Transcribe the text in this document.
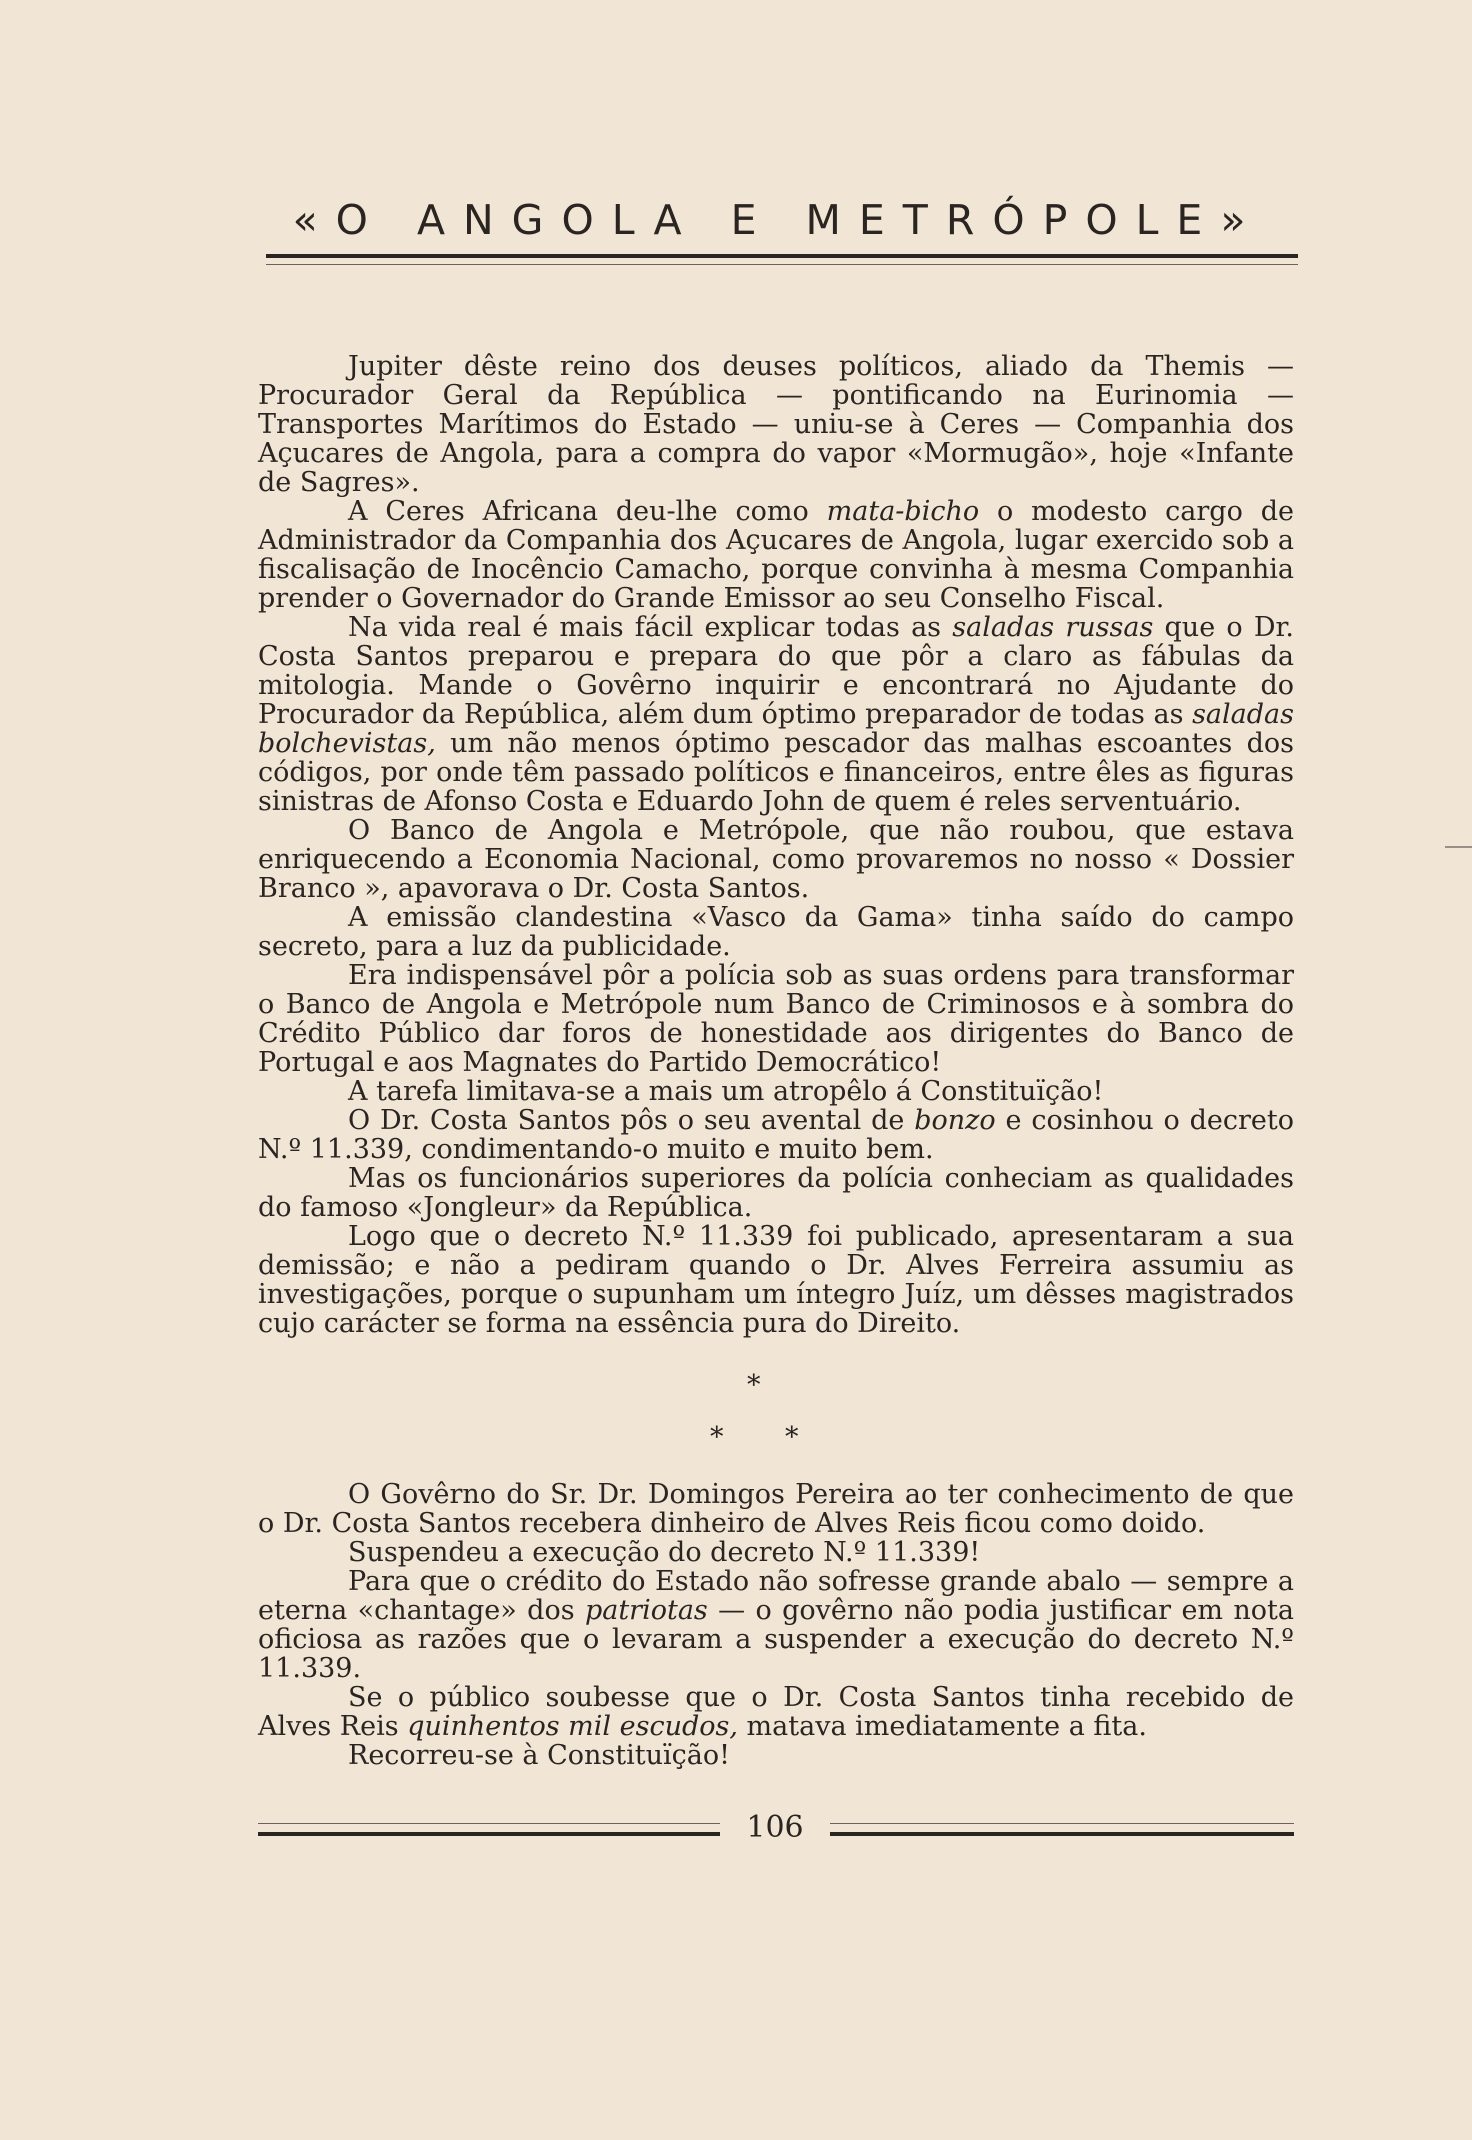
«O ANGOLA E METRÓPOLE»

Jupiter dêste reino dos deuses políticos, aliado da Themis — Procurador Geral da República — pontificando na Eurinomia — Transportes Marítimos do Estado — uniu-se à Ceres — Companhia dos Açucares de Angola, para a compra do vapor «Mormugão», hoje «Infante de Sagres».

A Ceres Africana deu-lhe como mata-bicho o modesto cargo de Administrador da Companhia dos Açucares de Angola, lugar exercido sob a fiscalisação de Inocêncio Camacho, porque convinha à mesma Companhia prender o Governador do Grande Emissor ao seu Conselho Fiscal.

Na vida real é mais fácil explicar todas as saladas russas que o Dr. Costa Santos preparou e prepara do que pôr a claro as fábulas da mitologia. Mande o Govêrno inquirir e encontrará no Ajudante do Procurador da República, além dum óptimo preparador de todas as saladas bolchevistas, um não menos óptimo pescador das malhas escoantes dos códigos, por onde têm passado políticos e financeiros, entre êles as figuras sinistras de Afonso Costa e Eduardo John de quem é reles serventuário.

O Banco de Angola e Metrópole, que não roubou, que estava enriquecendo a Economia Nacional, como provaremos no nosso « Dossier Branco », apavorava o Dr. Costa Santos.

A emissão clandestina «Vasco da Gama» tinha saído do campo secreto, para a luz da publicidade.

Era indispensável pôr a polícia sob as suas ordens para transformar o Banco de Angola e Metrópole num Banco de Criminosos e à sombra do Crédito Público dar foros de honestidade aos dirigentes do Banco de Portugal e aos Magnates do Partido Democrático!

A tarefa limitava-se a mais um atropêlo á Constituïção!

O Dr. Costa Santos pôs o seu avental de bonzo e cosinhou o decreto N.º 11.339, condimentando-o muito e muito bem.

Mas os funcionários superiores da polícia conheciam as qualidades do famoso «Jongleur» da República.

Logo que o decreto N.º 11.339 foi publicado, apresentaram a sua demissão; e não a pediram quando o Dr. Alves Ferreira assumiu as investigações, porque o supunham um íntegro Juíz, um dêsses magistrados cujo carácter se forma na essência pura do Direito.

*
* *

O Govêrno do Sr. Dr. Domingos Pereira ao ter conhecimento de que o Dr. Costa Santos recebera dinheiro de Alves Reis ficou como doido.

Suspendeu a execução do decreto N.º 11.339!

Para que o crédito do Estado não sofresse grande abalo — sempre a eterna «chantage» dos patriotas — o govêrno não podia justificar em nota oficiosa as razões que o levaram a suspender a execução do decreto N.º 11.339.

Se o público soubesse que o Dr. Costa Santos tinha recebido de Alves Reis quinhentos mil escudos, matava imediatamente a fita.

Recorreu-se à Constituïção!

106
